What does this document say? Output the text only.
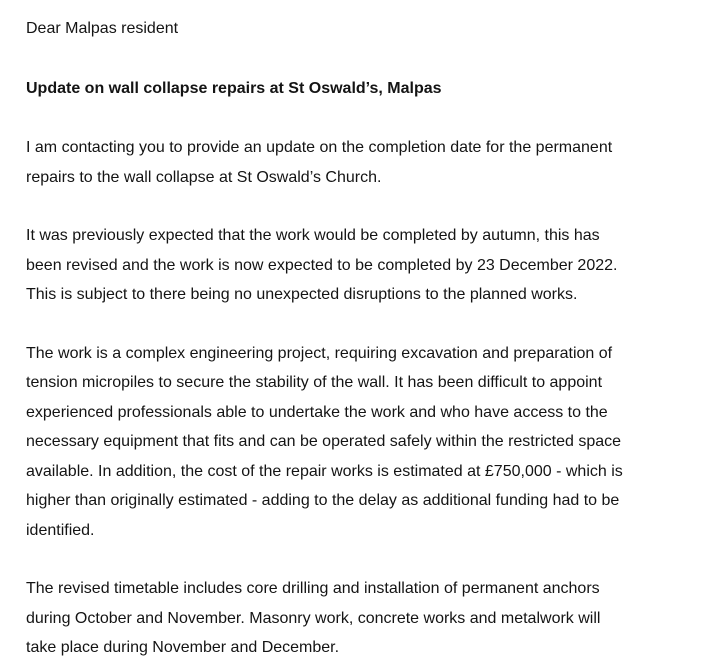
Dear Malpas resident
Update on wall collapse repairs at St Oswald’s, Malpas
I am contacting you to provide an update on the completion date for the permanent
repairs to the wall collapse at St Oswald’s Church.
It was previously expected that the work would be completed by autumn, this has
been revised and the work is now expected to be completed by 23 December 2022.
This is subject to there being no unexpected disruptions to the planned works.
The work is a complex engineering project, requiring excavation and preparation of
tension micropiles to secure the stability of the wall. It has been difficult to appoint
experienced professionals able to undertake the work and who have access to the
necessary equipment that fits and can be operated safely within the restricted space
available. In addition, the cost of the repair works is estimated at £750,000 - which is
higher than originally estimated - adding to the delay as additional funding had to be
identified.
The revised timetable includes core drilling and installation of permanent anchors
during October and November. Masonry work, concrete works and metalwork will
take place during November and December.
